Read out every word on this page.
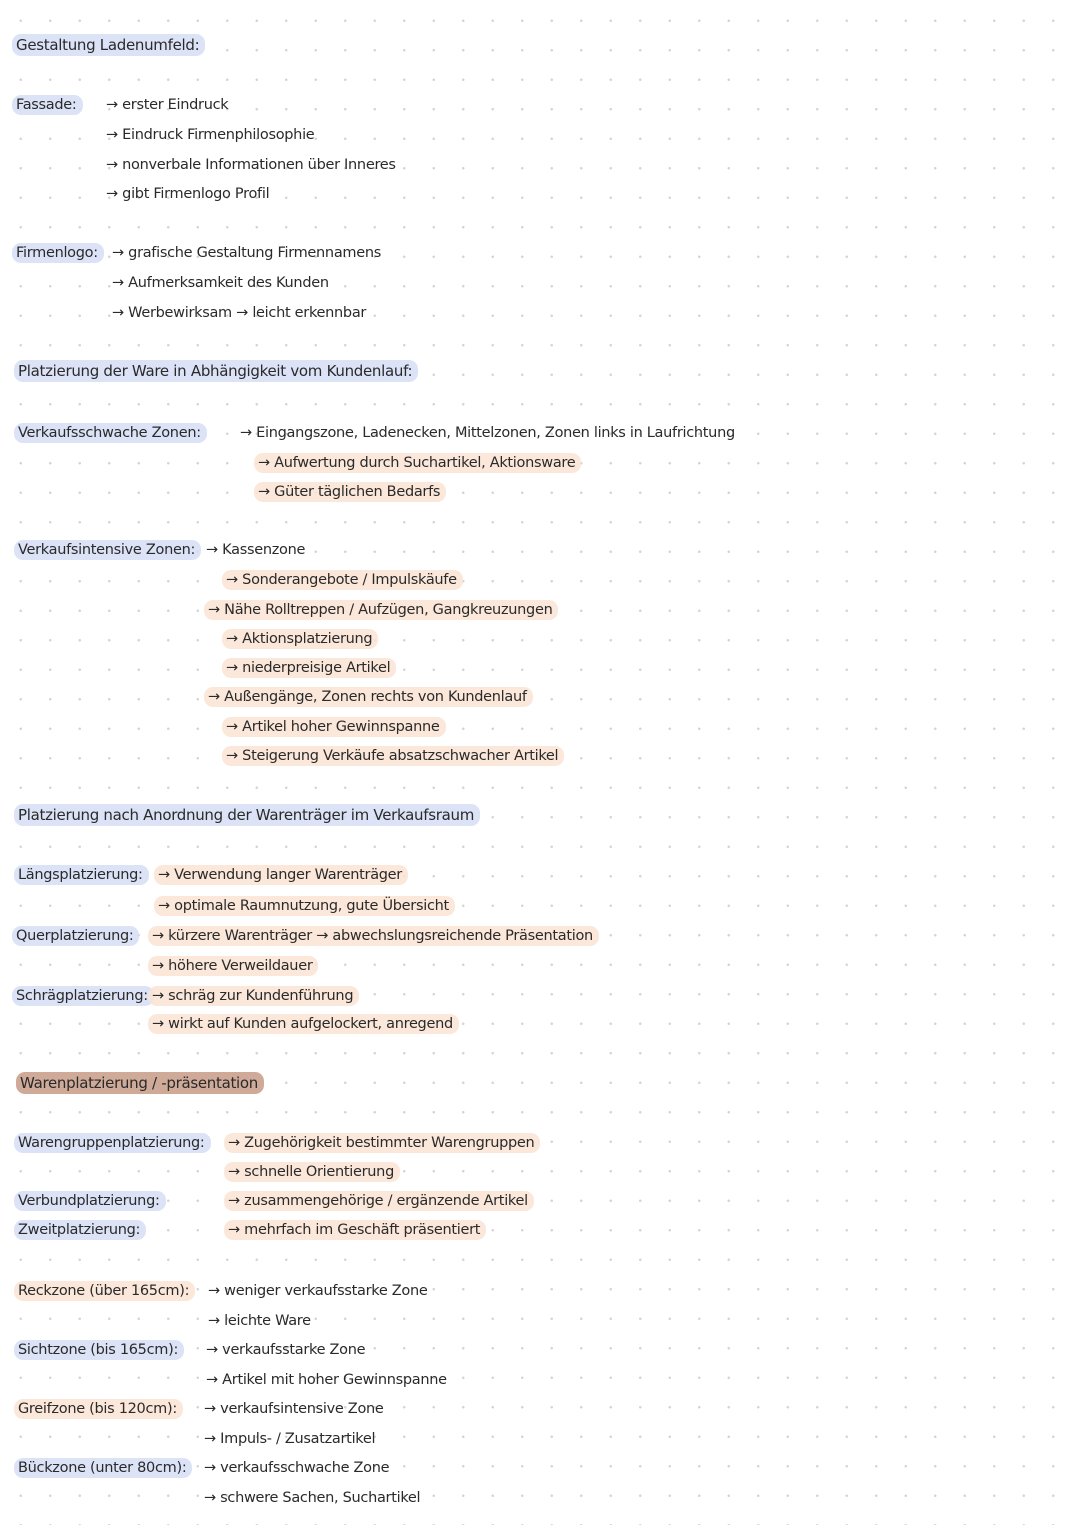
Gestaltung Ladenumfeld:
Fassade:	→ erster Eindruck
→ Eindruck Firmenphilosophie
→ nonverbale Informationen über Inneres
→ gibt Firmenlogo Profil
Firmenlogo: → grafische Gestaltung Firmennamens
→ Aufmerksamkeit des Kunden
→ Werbewirksam → leicht erkennbar
Platzierung der Ware in Abhängigkeit vom Kundenlauf:
Verkaufsschwache Zonen:	→ Eingangszone, Ladenecken, Mittelzonen, Zonen links in Laufrichtung
→ Aufwertung durch Suchartikel, Aktionsware
→ Güter täglichen Bedarfs
Verkaufsintensive Zonen: → Kassenzone
→ Sonderangebote / Impulskäufe
→ Nähe Rolltreppen / Aufzügen, Gangkreuzungen
→ Aktionsplatzierung
→ niederpreisige Artikel
→ Außengänge, Zonen rechts von Kundenlauf
→ Artikel hoher Gewinnspanne
→ Steigerung Verkäufe absatzschwacher Artikel
Platzierung nach Anordnung der Warenträger im Verkaufsraum
Längsplatzierung:	→ Verwendung langer Warenträger
→ optimale Raumnutzung, gute Übersicht
Querplatzierung:	→ kürzere Warenträger → abwechslungsreichende Präsentation
→ höhere Verweildauer
Schrägplatzierung: → schräg zur Kundenführung
→ wirkt auf Kunden aufgelockert, anregend
Warenplatzierung / -präsentation
Warengruppenplatzierung:	→ Zugehörigkeit bestimmter Warengruppen
→ schnelle Orientierung
Verbundplatzierung:	→ zusammengehörige / ergänzende Artikel
Zweitplatzierung:	→ mehrfach im Geschäft präsentiert
Reckzone (über 165cm):	→ weniger verkaufsstarke Zone
→ leichte Ware
Sichtzone (bis 165cm):	→ verkaufsstarke Zone
→ Artikel mit hoher Gewinnspanne
Greifzone (bis 120cm):	→ verkaufsintensive Zone
→ Impuls- / Zusatzartikel
Bückzone (unter 80cm):	→ verkaufsschwache Zone
→ schwere Sachen, Suchartikel
